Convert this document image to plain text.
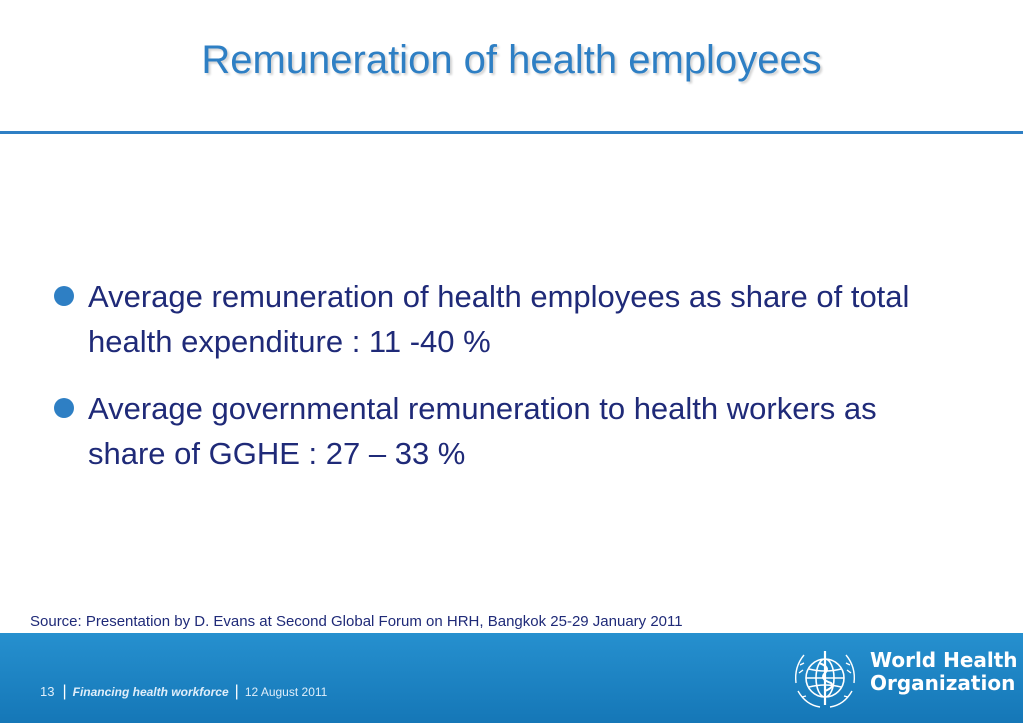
Remuneration of health employees
Average remuneration of health employees as share of total health expenditure : 11 -40 %
Average governmental remuneration to health workers as share of GGHE : 27 – 33 %
Source: Presentation by D. Evans at Second Global Forum on HRH, Bangkok 25-29 January 2011
13 | Financing health workforce | 12 August 2011
World Health
Organization
